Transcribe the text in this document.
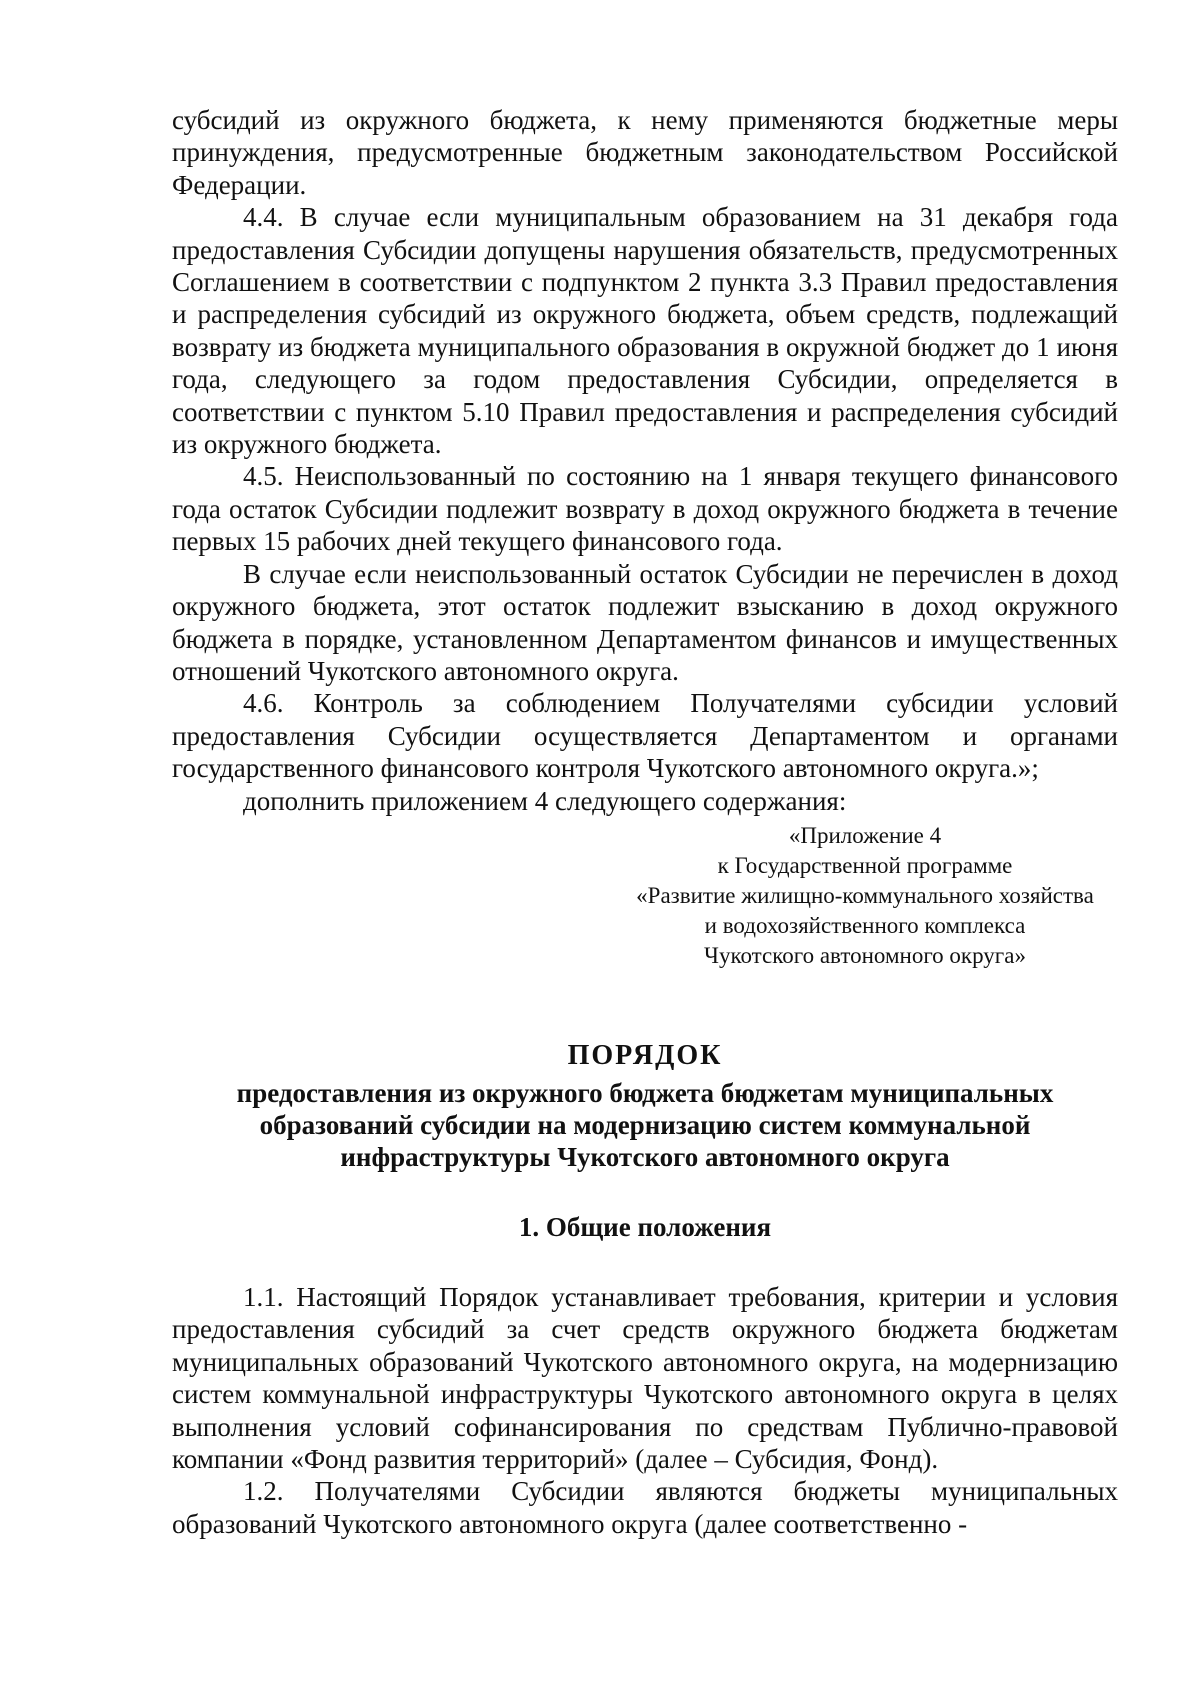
субсидий из окружного бюджета, к нему применяются бюджетные меры принуждения, предусмотренные бюджетным законодательством Российской Федерации.

4.4. В случае если муниципальным образованием на 31 декабря года предоставления Субсидии допущены нарушения обязательств, предусмотренных Соглашением в соответствии с подпунктом 2 пункта 3.3 Правил предоставления и распределения субсидий из окружного бюджета, объем средств, подлежащий возврату из бюджета муниципального образования в окружной бюджет до 1 июня года, следующего за годом предоставления Субсидии, определяется в соответствии с пунктом 5.10 Правил предоставления и распределения субсидий из окружного бюджета.

4.5. Неиспользованный по состоянию на 1 января текущего финансового года остаток Субсидии подлежит возврату в доход окружного бюджета в течение первых 15 рабочих дней текущего финансового года.

В случае если неиспользованный остаток Субсидии не перечислен в доход окружного бюджета, этот остаток подлежит взысканию в доход окружного бюджета в порядке, установленном Департаментом финансов и имущественных отношений Чукотского автономного округа.

4.6. Контроль за соблюдением Получателями субсидии условий предоставления Субсидии осуществляется Департаментом и органами государственного финансового контроля Чукотского автономного округа.»;

дополнить приложением 4 следующего содержания:

«Приложение 4
к Государственной программе
«Развитие жилищно-коммунального хозяйства
и водохозяйственного комплекса
Чукотского автономного округа»
ПОРЯДОК
предоставления из окружного бюджета бюджетам муниципальных образований субсидии на модернизацию систем коммунальной инфраструктуры Чукотского автономного округа
1. Общие положения

1.1. Настоящий Порядок устанавливает требования, критерии и условия предоставления субсидий за счет средств окружного бюджета бюджетам муниципальных образований Чукотского автономного округа, на модернизацию систем коммунальной инфраструктуры Чукотского автономного округа в целях выполнения условий софинансирования по средствам Публично-правовой компании «Фонд развития территорий» (далее – Субсидия, Фонд).

1.2. Получателями Субсидии являются бюджеты муниципальных образований Чукотского автономного округа (далее соответственно -
